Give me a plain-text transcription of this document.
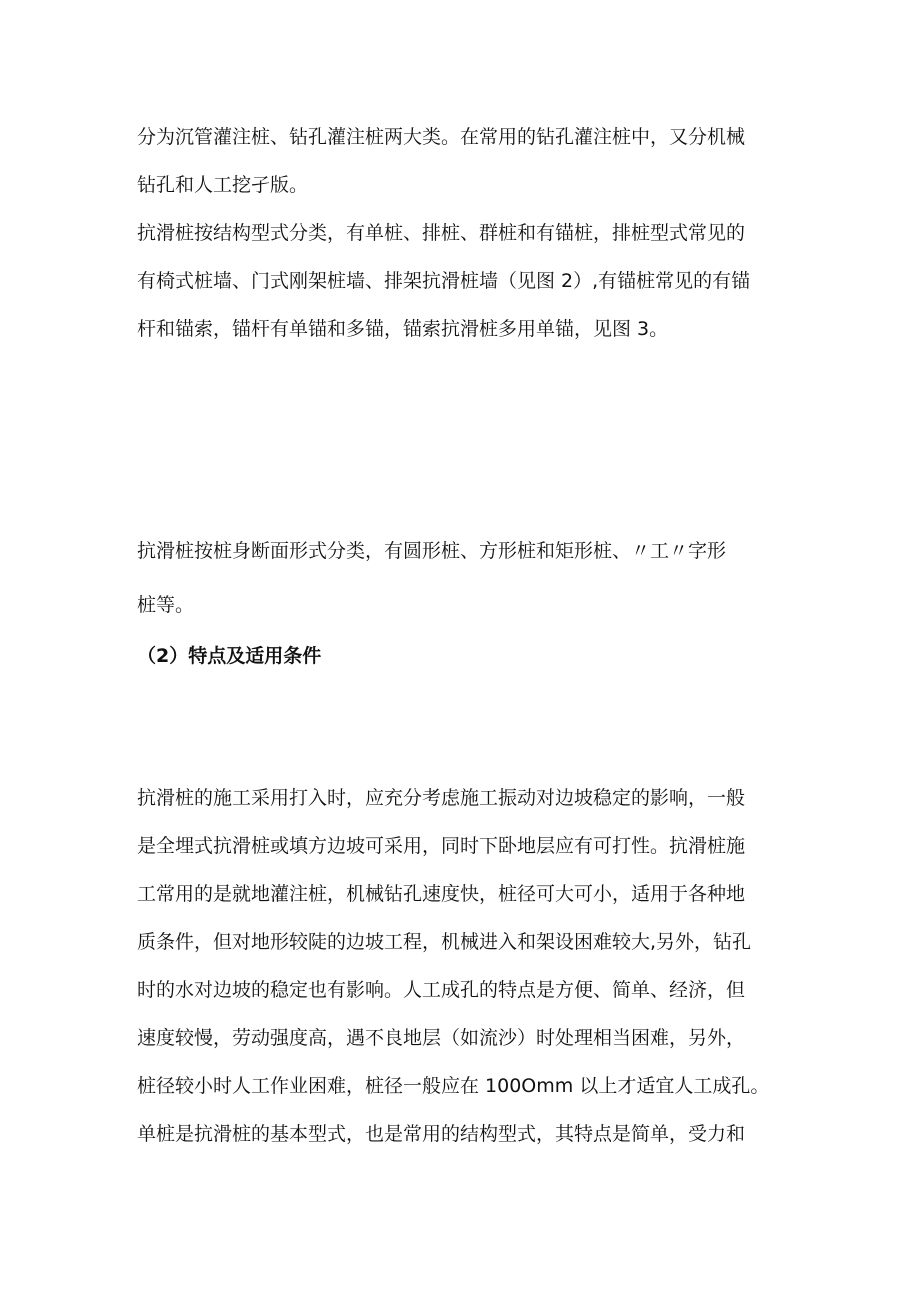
分为沉管灌注桩、钻孔灌注桩两大类。在常用的钻孔灌注桩中，又分机械

钻孔和人工挖孑版。

抗滑桩按结构型式分类，有单桩、排桩、群桩和有锚桩，排桩型式常见的

有椅式桩墙、门式刚架桩墙、排架抗滑桩墙（见图 2）,有锚桩常见的有锚

杆和锚索，锚杆有单锚和多锚，锚索抗滑桩多用单锚，见图 3。

抗滑桩按桩身断面形式分类，有圆形桩、方形桩和矩形桩、〃工〃字形

桩等。

（2）特点及适用条件

抗滑桩的施工采用打入时，应充分考虑施工振动对边坡稳定的影响，一般

是全埋式抗滑桩或填方边坡可采用，同时下卧地层应有可打性。抗滑桩施

工常用的是就地灌注桩，机械钻孔速度快，桩径可大可小，适用于各种地

质条件，但对地形较陡的边坡工程，机械进入和架设困难较大,另外，钻孔

时的水对边坡的稳定也有影响。人工成孔的特点是方便、简单、经济，但

速度较慢，劳动强度高，遇不良地层（如流沙）时处理相当困难，另外，

桩径较小时人工作业困难，桩径一般应在 100Omm 以上才适宜人工成孔。

单桩是抗滑桩的基本型式，也是常用的结构型式，其特点是简单，受力和
